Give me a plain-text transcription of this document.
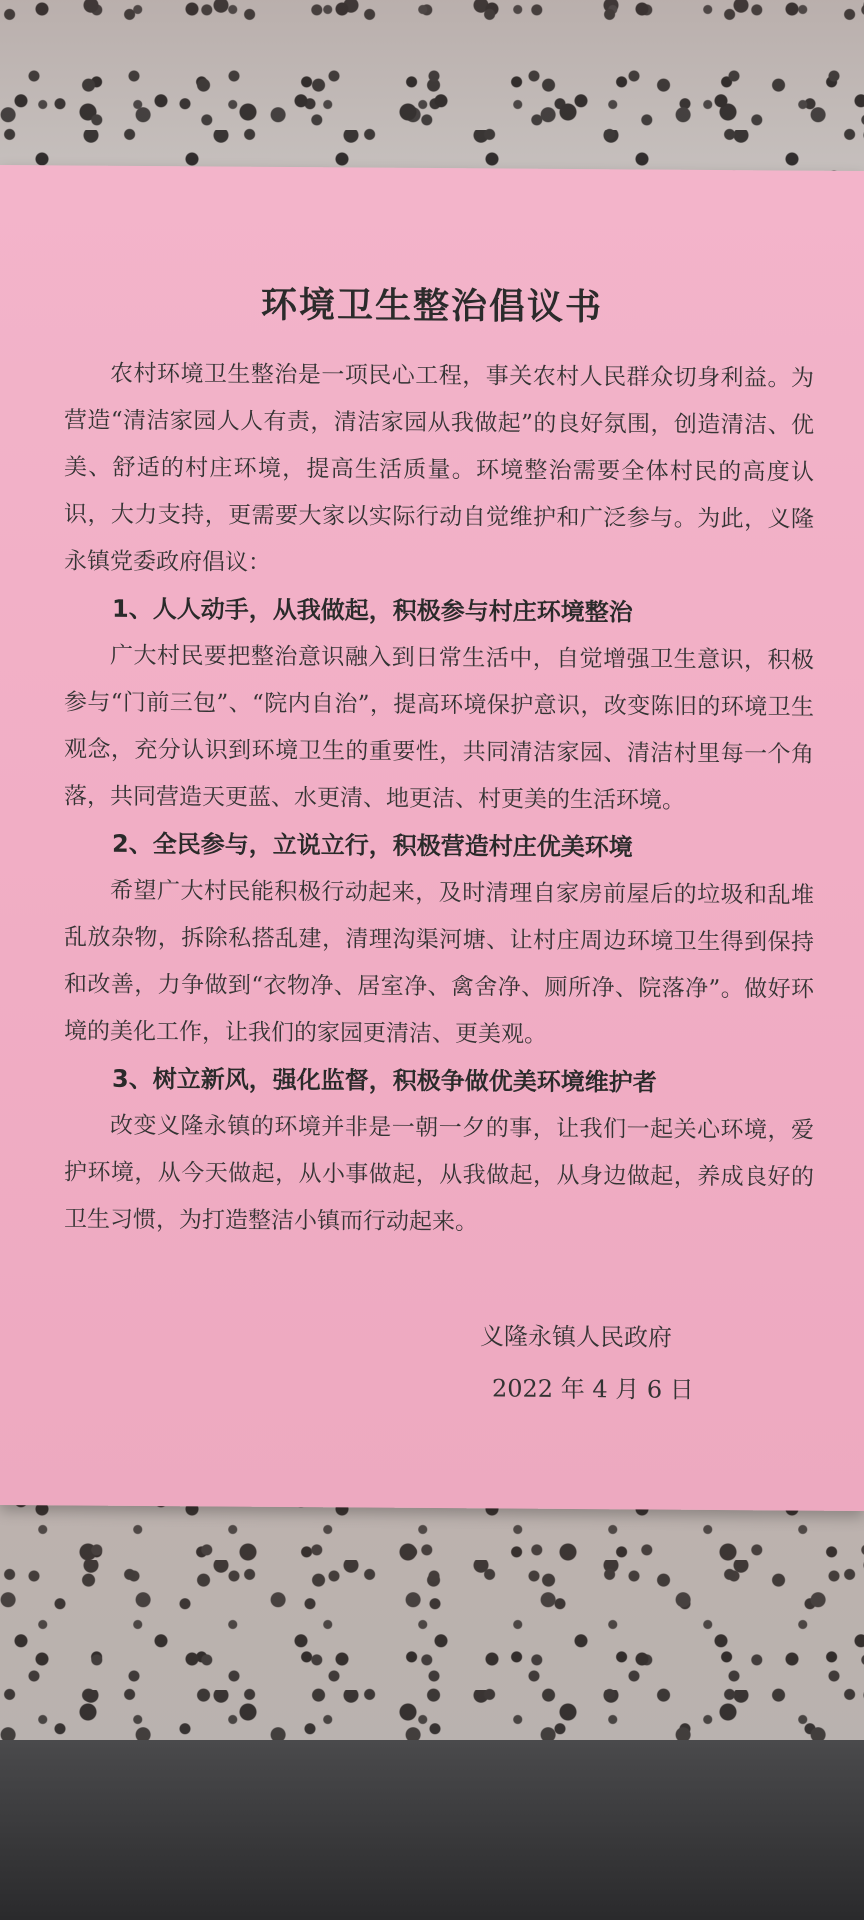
环境卫生整治倡议书

农村环境卫生整治是一项民心工程，事关农村人民群众切身利益。为营造“清洁家园人人有责，清洁家园从我做起”的良好氛围，创造清洁、优美、舒适的村庄环境，提高生活质量。环境整治需要全体村民的高度认识，大力支持，更需要大家以实际行动自觉维护和广泛参与。为此，义隆永镇党委政府倡议：

1、人人动手，从我做起，积极参与村庄环境整治

广大村民要把整治意识融入到日常生活中，自觉增强卫生意识，积极参与“门前三包”、“院内自治”，提高环境保护意识，改变陈旧的环境卫生观念，充分认识到环境卫生的重要性，共同清洁家园、清洁村里每一个角落，共同营造天更蓝、水更清、地更洁、村更美的生活环境。

2、全民参与，立说立行，积极营造村庄优美环境

希望广大村民能积极行动起来，及时清理自家房前屋后的垃圾和乱堆乱放杂物，拆除私搭乱建，清理沟渠河塘、让村庄周边环境卫生得到保持和改善，力争做到“衣物净、居室净、禽舍净、厕所净、院落净”。做好环境的美化工作，让我们的家园更清洁、更美观。

3、树立新风，强化监督，积极争做优美环境维护者

改变义隆永镇的环境并非是一朝一夕的事，让我们一起关心环境，爱护环境，从今天做起，从小事做起，从我做起，从身边做起，养成良好的卫生习惯，为打造整洁小镇而行动起来。

义隆永镇人民政府
2022 年 4 月 6 日
